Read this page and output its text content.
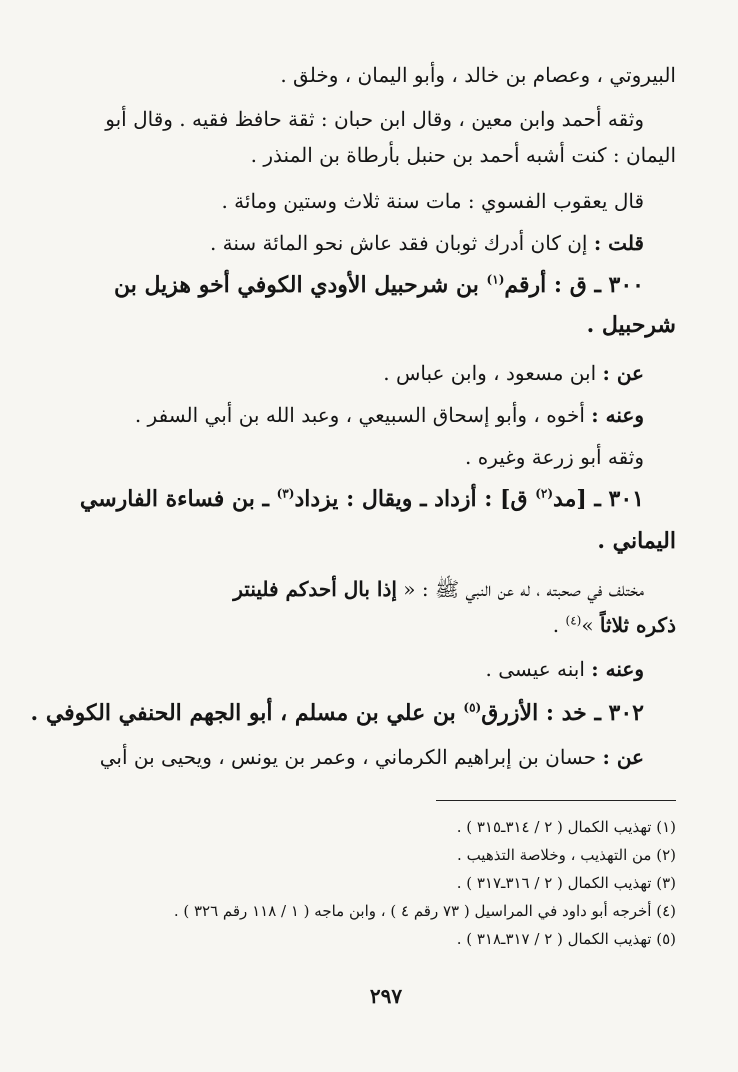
البيروتي ، وعصام بن خالد ، وأبو اليمان ، وخلق .
وثقه أحمد وابن معين ، وقال ابن حبان : ثقة حافظ فقيه . وقال أبو
اليمان : كنت أشبه أحمد بن حنبل بأرطاة بن المنذر .
قال يعقوب الفسوي : مات سنة ثلاث وستين ومائة .
قلت : إن كان أدرك ثوبان فقد عاش نحو المائة سنة .
٣٠٠ ـ ق : أرقم$^{(١)}$ بن شرحبيل الأودي الكوفي أخو هزيل بن
شرحبيل .
عن : ابن مسعود ، وابن عباس .
وعنه : أخوه ، وأبو إسحاق السبيعي ، وعبد الله بن أبي السفر .
وثقه أبو زرعة وغيره .
٣٠١ ـ [مد$^{(٢)}$ ق] : أزداد ـ ويقال : يزداد$^{(٣)}$ ـ بن فساءة الفارسي
اليماني .
مختلف في صحبته ، له عن النبي ﷺ : « إذا بال أحدكم فلينتر
ذكره ثلاثاً »$^{(٤)}$ .
وعنه : ابنه عيسى .
٣٠٢ ـ خد : الأزرق$^{(٥)}$ بن علي بن مسلم ، أبو الجهم الحنفي الكوفي .
عن : حسان بن إبراهيم الكرماني ، وعمر بن يونس ، ويحيى بن أبي
(١) تهذيب الكمال ( ٢ / ٣١٤ـ٣١٥ ) .
(٢) من التهذيب ، وخلاصة التذهيب .
(٣) تهذيب الكمال ( ٢ / ٣١٦ـ٣١٧ ) .
(٤) أخرجه أبو داود في المراسيل ( ٧٣ رقم ٤ ) ، وابن ماجه ( ١ / ١١٨ رقم ٣٢٦ ) .
(٥) تهذيب الكمال ( ٢ / ٣١٧ـ٣١٨ ) .
٢٩٧
